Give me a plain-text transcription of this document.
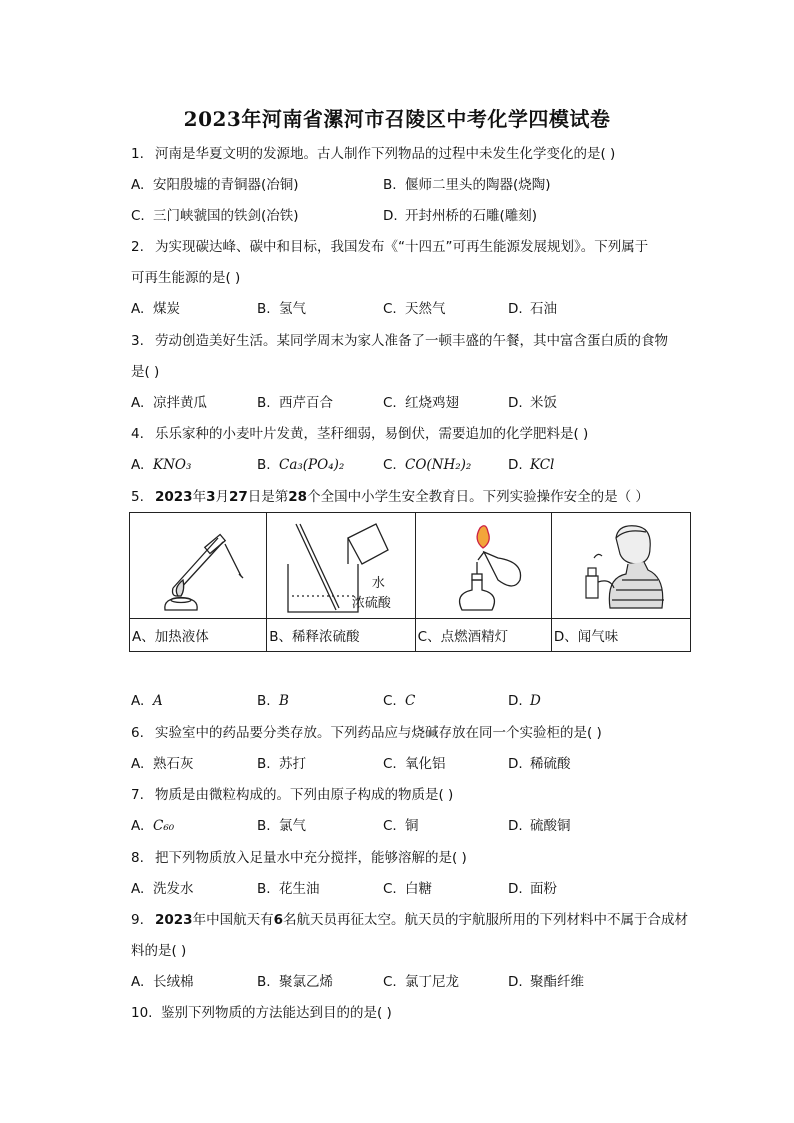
2023年河南省漯河市召陵区中考化学四模试卷
1. 河南是华夏文明的发源地。古人制作下列物品的过程中未发生化学变化的是( )
A. 安阳殷墟的青铜器(冶铜)	B. 偃师二里头的陶器(烧陶)
C. 三门峡虢国的铁剑(冶铁)	D. 开封州桥的石雕(雕刻)
2. 为实现碳达峰、碳中和目标，我国发布《“十四五”可再生能源发展规划》。下列属于
可再生能源的是( )
A. 煤炭	B. 氢气	C. 天然气	D. 石油
3. 劳动创造美好生活。某同学周末为家人准备了一顿丰盛的午餐，其中富含蛋白质的食物
是( )
A. 凉拌黄瓜	B. 西芹百合	C. 红烧鸡翅	D. 米饭
4. 乐乐家种的小麦叶片发黄，茎秆细弱，易倒伏，需要追加的化学肥料是( )
A. KNO₃	B. Ca₃(PO₄)₂	C. CO(NH₂)₂	D. KCl
5. 2023年3月27日是第28个全国中小学生安全教育日。下列实验操作安全的是（ ）

水
浓硫酸

A、加热液体	B、稀释浓硫酸	C、点燃酒精灯	D、闻气味
A. A	B. B	C. C	D. D
6. 实验室中的药品要分类存放。下列药品应与烧碱存放在同一个实验柜的是( )
A. 熟石灰	B. 苏打	C. 氧化铝	D. 稀硫酸
7. 物质是由微粒构成的。下列由原子构成的物质是( )
A. C₆₀	B. 氯气	C. 铜	D. 硫酸铜
8. 把下列物质放入足量水中充分搅拌，能够溶解的是( )
A. 洗发水	B. 花生油	C. 白糖	D. 面粉
9. 2023年中国航天有6名航天员再征太空。航天员的宇航服所用的下列材料中不属于合成材
料的是( )
A. 长绒棉	B. 聚氯乙烯	C. 氯丁尼龙	D. 聚酯纤维
10. 鉴别下列物质的方法能达到目的的是( )
